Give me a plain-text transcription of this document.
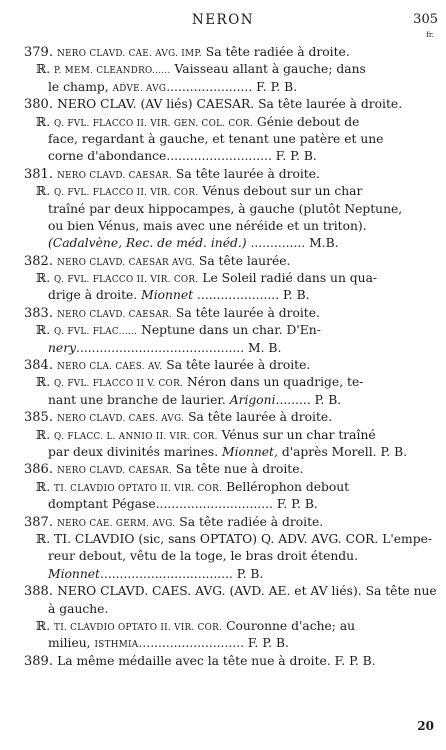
NERON	305
fr.
379. NERO CLAVD. CAE. AVG. IMP. Sa tête radiée à droite.
ℝ. P. MEM. CLEANDRO...... Vaisseau allant à gauche; dans
le champ, ADVE. AVG...................... F. P. B.
380. NERO CLAV. (AV liés) CAESAR. Sa tête laurée à droite.
ℝ. Q. FVL. FLACCO II. VIR. GEN. COL. COR. Génie debout de
face, regardant à gauche, et tenant une patère et une
corne d'abondance........................... F. P. B.
381. NERO CLAVD. CAESAR. Sa tête laurée à droite.
ℝ. Q. FVL. FLACCO II. VIR. COR. Vénus debout sur un char
traîné par deux hippocampes, à gauche (plutôt Neptune,
ou bien Vénus, mais avec une néréide et un triton).
(Cadalvène, Rec. de méd. inéd.) .............. M.B.
382. NERO CLAVD. CAESAR AVG. Sa tête laurée.
ℝ. Q. FVL. FLACCO II. VIR. COR. Le Soleil radié dans un qua-
drige à droite. Mionnet ..................... P. B.
383. NERO CLAVD. CAESAR. Sa tête laurée à droite.
ℝ. Q. FVL. FLAC...... Neptune dans un char. D'En-
nery........................................... M. B.
384. NERO CLA. CAES. AV. Sa tête laurée à droite.
ℝ. Q. FVL. FLACCO II V. COR. Néron dans un quadrige, te-
nant une branche de laurier. Arigoni......... P. B.
385. NERO CLAVD. CAES. AVG. Sa tête laurée à droite.
ℝ. Q. FLACC. L. ANNIO II. VIR. COR. Vénus sur un char traîné
par deux divinités marines. Mionnet, d'après Morell. P. B.
386. NERO CLAVD. CAESAR. Sa tête nue à droite.
ℝ. TI. CLAVDIO OPTATO II. VIR. COR. Bellérophon debout
domptant Pégase.............................. F. P. B.
387. NERO CAE. GERM. AVG. Sa tête radiée à droite.
ℝ. TI. CLAVDIO (sic, sans OPTATO) Q. ADV. AVG. COR. L'empe-
reur debout, vêtu de la toge, le bras droit étendu.
Mionnet.................................. P. B.
388. NERO CLAVD. CAES. AVG. (AVD. AE. et AV liés). Sa tête nue
à gauche.
ℝ. TI. CLAVDIO OPTATO II. VIR. COR. Couronne d'ache; au
milieu, ISTHMIA........................... F. P. B.
389. La même médaille avec la tête nue à droite. F. P. B.
20
